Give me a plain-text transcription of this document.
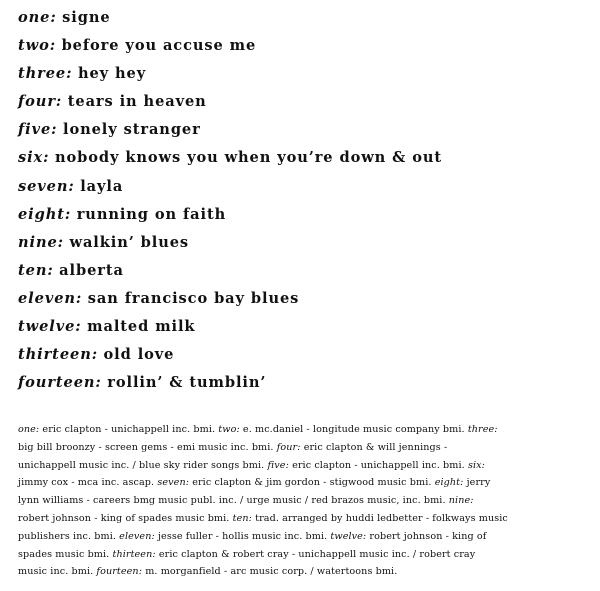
one: signe
two: before you accuse me
three: hey hey
four: tears in heaven
five: lonely stranger
six: nobody knows you when you’re down & out
seven: layla
eight: running on faith
nine: walkin’ blues
ten: alberta
eleven: san francisco bay blues
twelve: malted milk
thirteen: old love
fourteen: rollin’ & tumblin’
one: eric clapton - unichappell inc. bmi. two: e. mc.daniel - longitude music company bmi. three:
big bill broonzy - screen gems - emi music inc. bmi. four: eric clapton & will jennings -
unichappell music inc. / blue sky rider songs bmi. five: eric clapton - unichappell inc. bmi. six:
jimmy cox - mca inc. ascap. seven: eric clapton & jim gordon - stigwood music bmi. eight: jerry
lynn williams - careers bmg music publ. inc. / urge music / red brazos music, inc. bmi. nine:
robert johnson - king of spades music bmi. ten: trad. arranged by huddi ledbetter - folkways music
publishers inc. bmi. eleven: jesse fuller - hollis music inc. bmi. twelve: robert johnson - king of
spades music bmi. thirteen: eric clapton & robert cray - unichappell music inc. / robert cray
music inc. bmi. fourteen: m. morganfield - arc music corp. / watertoons bmi.
